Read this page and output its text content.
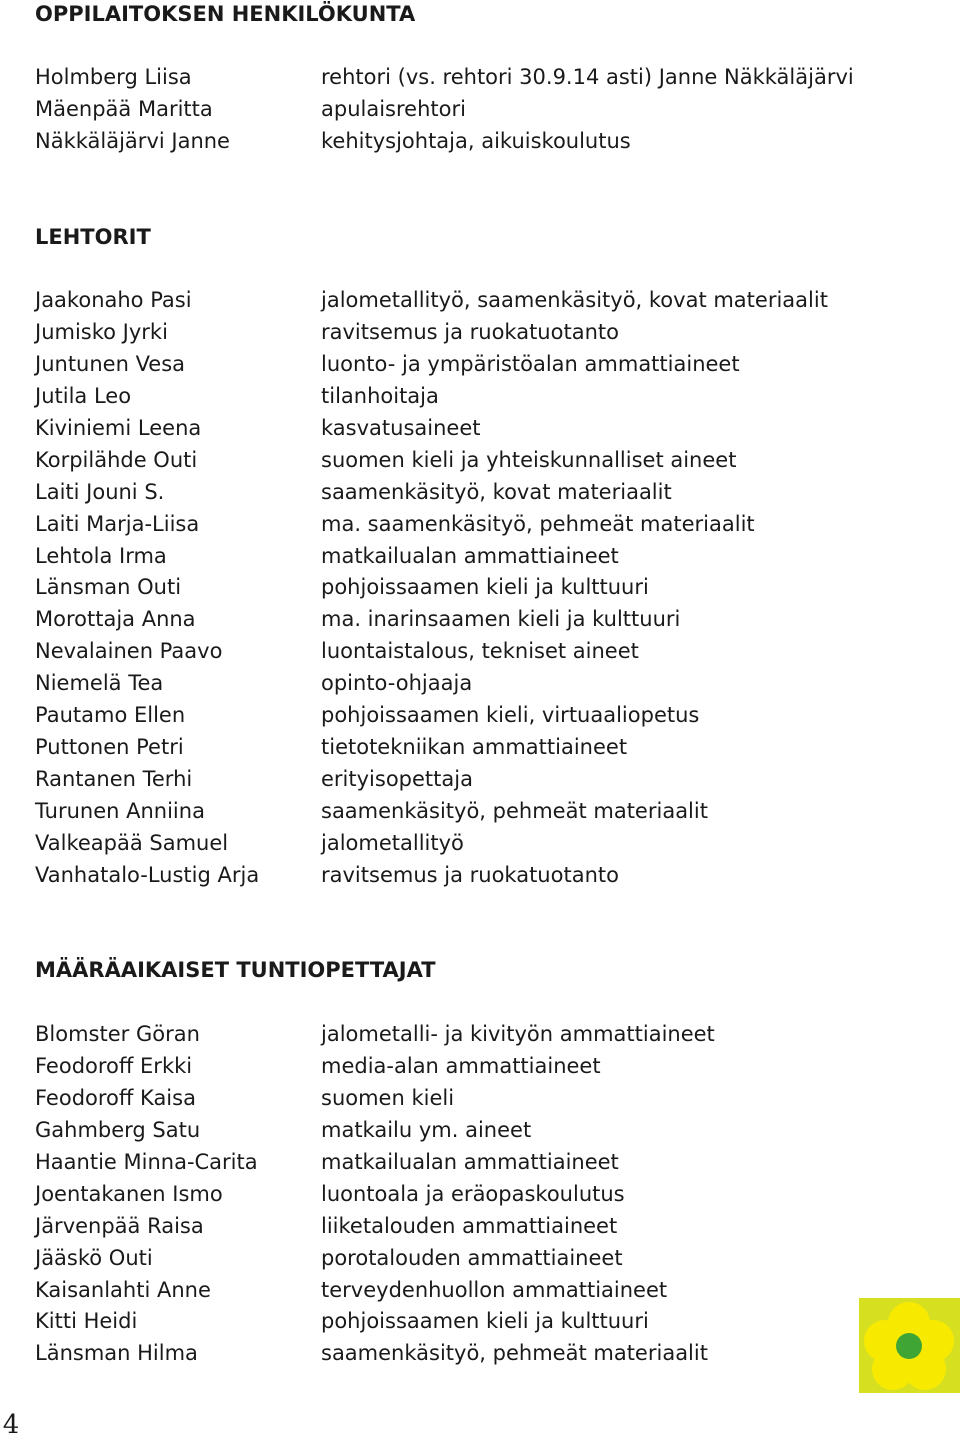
OPPILAITOKSEN HENKILÖKUNTA
Holmberg Liisa	rehtori (vs. rehtori 30.9.14 asti) Janne Näkkäläjärvi
Mäenpää Maritta	apulaisrehtori
Näkkäläjärvi Janne	kehitysjohtaja, aikuiskoulutus
LEHTORIT
Jaakonaho Pasi	jalometallityö, saamenkäsityö, kovat materiaalit
Jumisko Jyrki	ravitsemus ja ruokatuotanto
Juntunen Vesa	luonto- ja ympäristöalan ammattiaineet
Jutila Leo	tilanhoitaja
Kiviniemi Leena	kasvatusaineet
Korpilähde Outi	suomen kieli ja yhteiskunnalliset aineet
Laiti Jouni S.	saamenkäsityö, kovat materiaalit
Laiti Marja-Liisa	ma. saamenkäsityö, pehmeät materiaalit
Lehtola Irma	matkailualan ammattiaineet
Länsman Outi	pohjoissaamen kieli ja kulttuuri
Morottaja Anna	ma. inarinsaamen kieli ja kulttuuri
Nevalainen Paavo	luontaistalous, tekniset aineet
Niemelä Tea	opinto-ohjaaja
Pautamo Ellen	pohjoissaamen kieli, virtuaaliopetus
Puttonen Petri	tietotekniikan ammattiaineet
Rantanen Terhi	erityisopettaja
Turunen Anniina	saamenkäsityö, pehmeät materiaalit
Valkeapää Samuel	jalometallityö
Vanhatalo-Lustig Arja	ravitsemus ja ruokatuotanto
MÄÄRÄAIKAISET TUNTIOPETTAJAT
Blomster Göran	jalometalli- ja kivityön ammattiaineet
Feodoroff Erkki	media-alan ammattiaineet
Feodoroff Kaisa	suomen kieli
Gahmberg Satu	matkailu ym. aineet
Haantie Minna-Carita	matkailualan ammattiaineet
Joentakanen Ismo	luontoala ja eräopaskoulutus
Järvenpää Raisa	liiketalouden ammattiaineet
Jääskö Outi	porotalouden ammattiaineet
Kaisanlahti Anne	terveydenhuollon ammattiaineet
Kitti Heidi	pohjoissaamen kieli ja kulttuuri
Länsman Hilma	saamenkäsityö, pehmeät materiaalit
4
